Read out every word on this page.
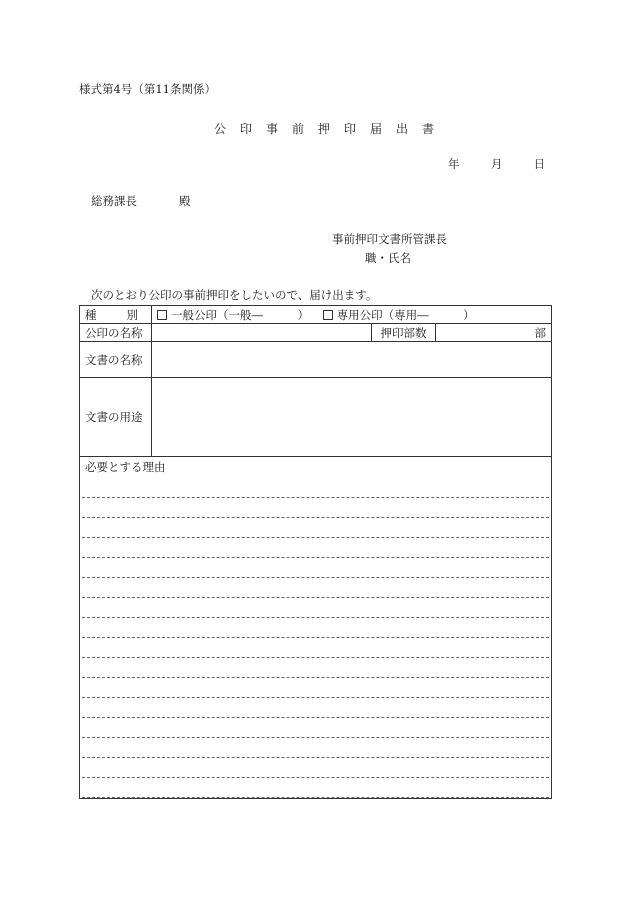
様式第4号（第11条関係）
公印事前押印届出書
年	月	日
総務課長	殿
事前押印文書所管課長
職・氏名
次のとおり公印の事前押印をしたいので、届け出ます。
種 別	一般公印（一般―　　　） 専用公印（専用―　　　）		
公印の名称		押印部数	部
文書の名称			
文書の用途			

必要とする理由			
